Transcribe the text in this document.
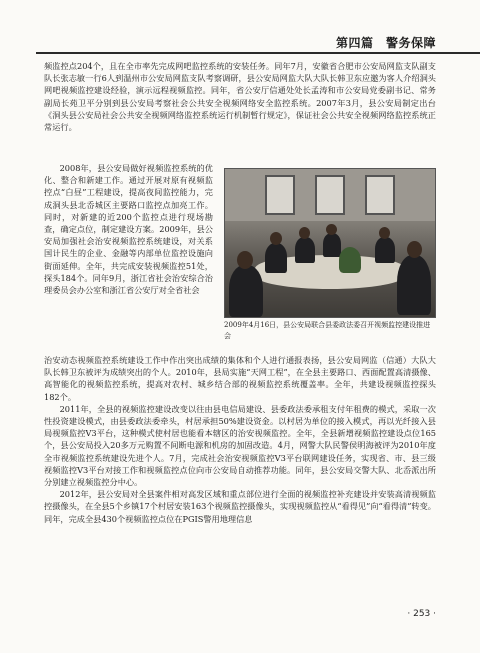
第四篇　警务保障

频监控点204个，且在全市率先完成网吧监控系统的安装任务。同年7月，安徽省合肥市公安局网监支队副支队长张志敏一行6人到温州市公安局网监支队考察调研，县公安局网监大队大队长韩卫东应邀为客人介绍洞头网吧视频监控建设经验，演示远程视频监控。同年，省公安厅信通处处长孟涛和市公安局党委副书记、常务副局长苑卫平分别到县公安局考察社会公共安全视频网络安全监控系统。2007年3月，县公安局制定出台《洞头县公安局社会公共安全视频网络监控系统运行机制暂行规定》，保证社会公共安全视频网络监控系统正常运行。

2008年，县公安局做好视频监控系统的优化、整合和新建工作。通过开展对原有视频监控点“白昼”工程建设，提高夜间监控能力，完成洞头县北岙城区主要路口监控点加亮工作。同时，对新建的近200个监控点进行现场勘查，确定点位，制定建设方案。2009年，县公安局加强社会治安视频监控系统建设，对关系国计民生的企业、金融等内部单位监控设施向街面延伸。全年，共完成安装视频监控51处，探头184个。同年9月，浙江省社会治安综合治理委员会办公室和浙江省公安厅对全省社会

2009年4月16日，县公安局联合县委政法委召开视频监控建设推进会

治安动态视频监控系统建设工作中作出突出成绩的集体和个人进行通报表扬，县公安局网监（信通）大队大队长韩卫东被评为成绩突出的个人。2010年，县局实施“天网工程”，在全县主要路口、西面配置高清摄像、高智能化的视频监控系统，提高对农村、城乡结合部的视频监控系统覆盖率。全年，共建设视频监控探头182个。

2011年，全县的视频监控建设改变以往由县电信局建设、县委政法委承租支付年租费的模式，采取一次性投资建设模式，由县委政法委牵头，村居承担50%建设资金。以村居为单位的接入模式，再以光纤接入县局视频监控V3平台，这种模式使村居也能看本辖区的治安视频监控。全年，全县新增视频监控建设点位165个，县公安局投入20多万元购置不间断电源和机房的加固改造。4月，网警大队民警侯明海被评为2010年度全市视频监控系统建设先进个人。7月，完成社会治安视频监控V3平台联网建设任务，实现省、市、县三级视频监控V3平台对接工作和视频监控点位向市公安局自动推荐功能。同年，县公安局交警大队、北岙派出所分别建立视频监控分中心。

2012年，县公安局对全县案件相对高发区域和重点部位进行全面的视频监控补充建设并安装高清视频监控摄像头，在全县5个乡镇17个村居安装163个视频监控摄像头，实现视频监控从“看得见”向“看得清”转变。同年，完成全县430个视频监控点位在PGIS警用地理信息

· 253 ·
